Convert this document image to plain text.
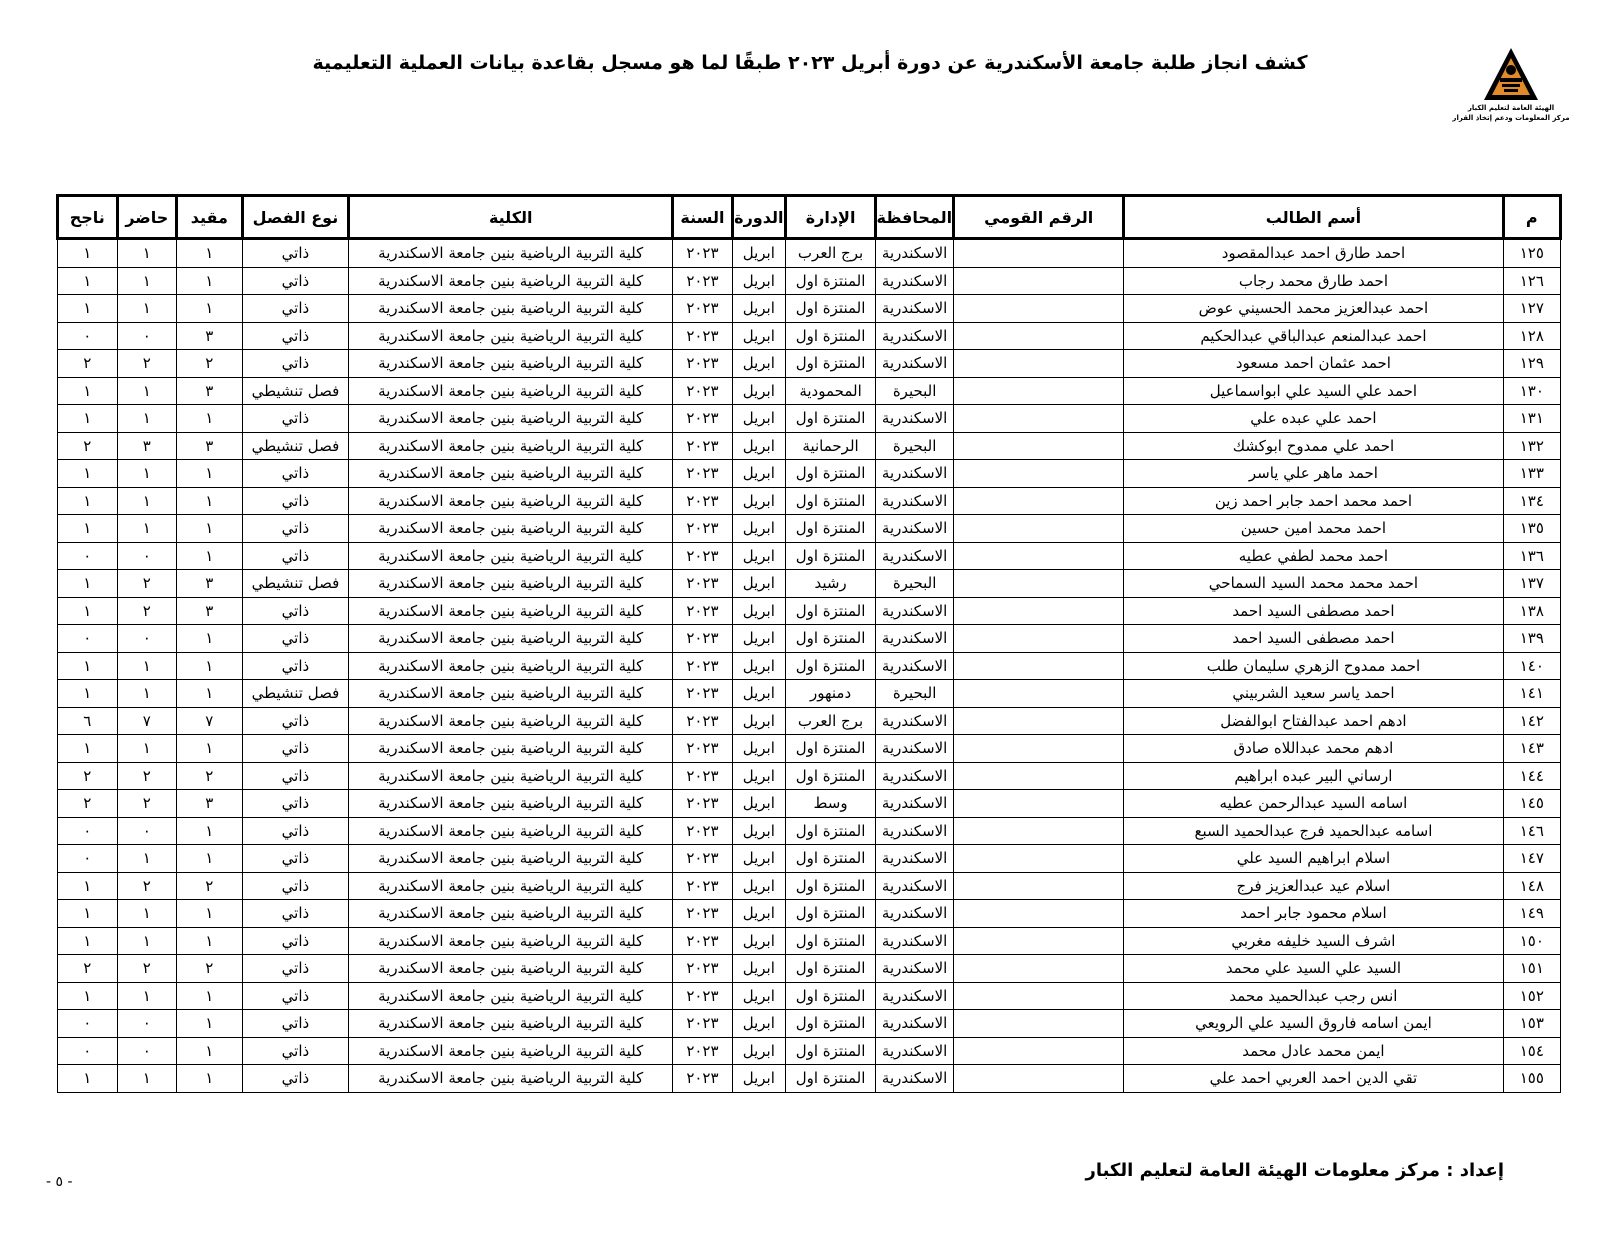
الهيئة العامة لتعليم الكبار
مركز المعلومات ودعم إتخاذ القرار
كشف انجاز طلبة جامعة الأسكندرية عن دورة أبريل ٢٠٢٣ طبقًا لما هو مسجل بقاعدة بيانات العملية التعليمية
م	أسم الطالب	الرقم القومي	المحافظة	الإدارة	الدورة	السنة	الكلية	نوع الفصل	مقيد	حاضر	ناجح
١٢٥	احمد طارق احمد عبدالمقصود		الاسكندرية	برج العرب	ابريل	٢٠٢٣	كلية التربية الرياضية بنين جامعة الاسكندرية	ذاتي	١	١	١
١٢٦	احمد طارق محمد رجاب		الاسكندرية	المنتزة اول	ابريل	٢٠٢٣	كلية التربية الرياضية بنين جامعة الاسكندرية	ذاتي	١	١	١
١٢٧	احمد عبدالعزيز محمد الحسيني عوض		الاسكندرية	المنتزة اول	ابريل	٢٠٢٣	كلية التربية الرياضية بنين جامعة الاسكندرية	ذاتي	١	١	١
١٢٨	احمد عبدالمنعم عبدالباقي عبدالحكيم		الاسكندرية	المنتزة اول	ابريل	٢٠٢٣	كلية التربية الرياضية بنين جامعة الاسكندرية	ذاتي	٣	٠	٠
١٢٩	احمد عثمان احمد مسعود		الاسكندرية	المنتزة اول	ابريل	٢٠٢٣	كلية التربية الرياضية بنين جامعة الاسكندرية	ذاتي	٢	٢	٢
١٣٠	احمد علي السيد علي ابواسماعيل		البحيرة	المحمودية	ابريل	٢٠٢٣	كلية التربية الرياضية بنين جامعة الاسكندرية	فصل تنشيطي	٣	١	١
١٣١	احمد علي عبده علي		الاسكندرية	المنتزة اول	ابريل	٢٠٢٣	كلية التربية الرياضية بنين جامعة الاسكندرية	ذاتي	١	١	١
١٣٢	احمد علي ممدوح ابوكشك		البحيرة	الرحمانية	ابريل	٢٠٢٣	كلية التربية الرياضية بنين جامعة الاسكندرية	فصل تنشيطي	٣	٣	٢
١٣٣	احمد ماهر علي ياسر		الاسكندرية	المنتزة اول	ابريل	٢٠٢٣	كلية التربية الرياضية بنين جامعة الاسكندرية	ذاتي	١	١	١
١٣٤	احمد محمد احمد جابر احمد زين		الاسكندرية	المنتزة اول	ابريل	٢٠٢٣	كلية التربية الرياضية بنين جامعة الاسكندرية	ذاتي	١	١	١
١٣٥	احمد محمد امين حسين		الاسكندرية	المنتزة اول	ابريل	٢٠٢٣	كلية التربية الرياضية بنين جامعة الاسكندرية	ذاتي	١	١	١
١٣٦	احمد محمد لطفي عطيه		الاسكندرية	المنتزة اول	ابريل	٢٠٢٣	كلية التربية الرياضية بنين جامعة الاسكندرية	ذاتي	١	٠	٠
١٣٧	احمد محمد محمد السيد السماحي		البحيرة	رشيد	ابريل	٢٠٢٣	كلية التربية الرياضية بنين جامعة الاسكندرية	فصل تنشيطي	٣	٢	١
١٣٨	احمد مصطفى السيد احمد		الاسكندرية	المنتزة اول	ابريل	٢٠٢٣	كلية التربية الرياضية بنين جامعة الاسكندرية	ذاتي	٣	٢	١
١٣٩	احمد مصطفى السيد احمد		الاسكندرية	المنتزة اول	ابريل	٢٠٢٣	كلية التربية الرياضية بنين جامعة الاسكندرية	ذاتي	١	٠	٠
١٤٠	احمد ممدوح الزهري سليمان طلب		الاسكندرية	المنتزة اول	ابريل	٢٠٢٣	كلية التربية الرياضية بنين جامعة الاسكندرية	ذاتي	١	١	١
١٤١	احمد ياسر سعيد الشربيني		البحيرة	دمنهور	ابريل	٢٠٢٣	كلية التربية الرياضية بنين جامعة الاسكندرية	فصل تنشيطي	١	١	١
١٤٢	ادهم احمد عبدالفتاح ابوالفضل		الاسكندرية	برج العرب	ابريل	٢٠٢٣	كلية التربية الرياضية بنين جامعة الاسكندرية	ذاتي	٧	٧	٦
١٤٣	ادهم محمد عبداللاه صادق		الاسكندرية	المنتزة اول	ابريل	٢٠٢٣	كلية التربية الرياضية بنين جامعة الاسكندرية	ذاتي	١	١	١
١٤٤	ارساني البير عبده ابراهيم		الاسكندرية	المنتزة اول	ابريل	٢٠٢٣	كلية التربية الرياضية بنين جامعة الاسكندرية	ذاتي	٢	٢	٢
١٤٥	اسامه السيد عبدالرحمن عطيه		الاسكندرية	وسط	ابريل	٢٠٢٣	كلية التربية الرياضية بنين جامعة الاسكندرية	ذاتي	٣	٢	٢
١٤٦	اسامه عبدالحميد فرج عبدالحميد السبع		الاسكندرية	المنتزة اول	ابريل	٢٠٢٣	كلية التربية الرياضية بنين جامعة الاسكندرية	ذاتي	١	٠	٠
١٤٧	اسلام ابراهيم السيد علي		الاسكندرية	المنتزة اول	ابريل	٢٠٢٣	كلية التربية الرياضية بنين جامعة الاسكندرية	ذاتي	١	١	٠
١٤٨	اسلام عيد عبدالعزيز فرج		الاسكندرية	المنتزة اول	ابريل	٢٠٢٣	كلية التربية الرياضية بنين جامعة الاسكندرية	ذاتي	٢	٢	١
١٤٩	اسلام محمود جابر احمد		الاسكندرية	المنتزة اول	ابريل	٢٠٢٣	كلية التربية الرياضية بنين جامعة الاسكندرية	ذاتي	١	١	١
١٥٠	اشرف السيد خليفه مغربي		الاسكندرية	المنتزة اول	ابريل	٢٠٢٣	كلية التربية الرياضية بنين جامعة الاسكندرية	ذاتي	١	١	١
١٥١	السيد علي السيد علي محمد		الاسكندرية	المنتزة اول	ابريل	٢٠٢٣	كلية التربية الرياضية بنين جامعة الاسكندرية	ذاتي	٢	٢	٢
١٥٢	انس رجب عبدالحميد محمد		الاسكندرية	المنتزة اول	ابريل	٢٠٢٣	كلية التربية الرياضية بنين جامعة الاسكندرية	ذاتي	١	١	١
١٥٣	ايمن اسامه فاروق السيد علي الرويعي		الاسكندرية	المنتزة اول	ابريل	٢٠٢٣	كلية التربية الرياضية بنين جامعة الاسكندرية	ذاتي	١	٠	٠
١٥٤	ايمن محمد عادل محمد		الاسكندرية	المنتزة اول	ابريل	٢٠٢٣	كلية التربية الرياضية بنين جامعة الاسكندرية	ذاتي	١	٠	٠
١٥٥	تقي الدين احمد العربي احمد علي		الاسكندرية	المنتزة اول	ابريل	٢٠٢٣	كلية التربية الرياضية بنين جامعة الاسكندرية	ذاتي	١	١	١
إعداد : مركز معلومات الهيئة العامة لتعليم الكبار
- ٥ -
